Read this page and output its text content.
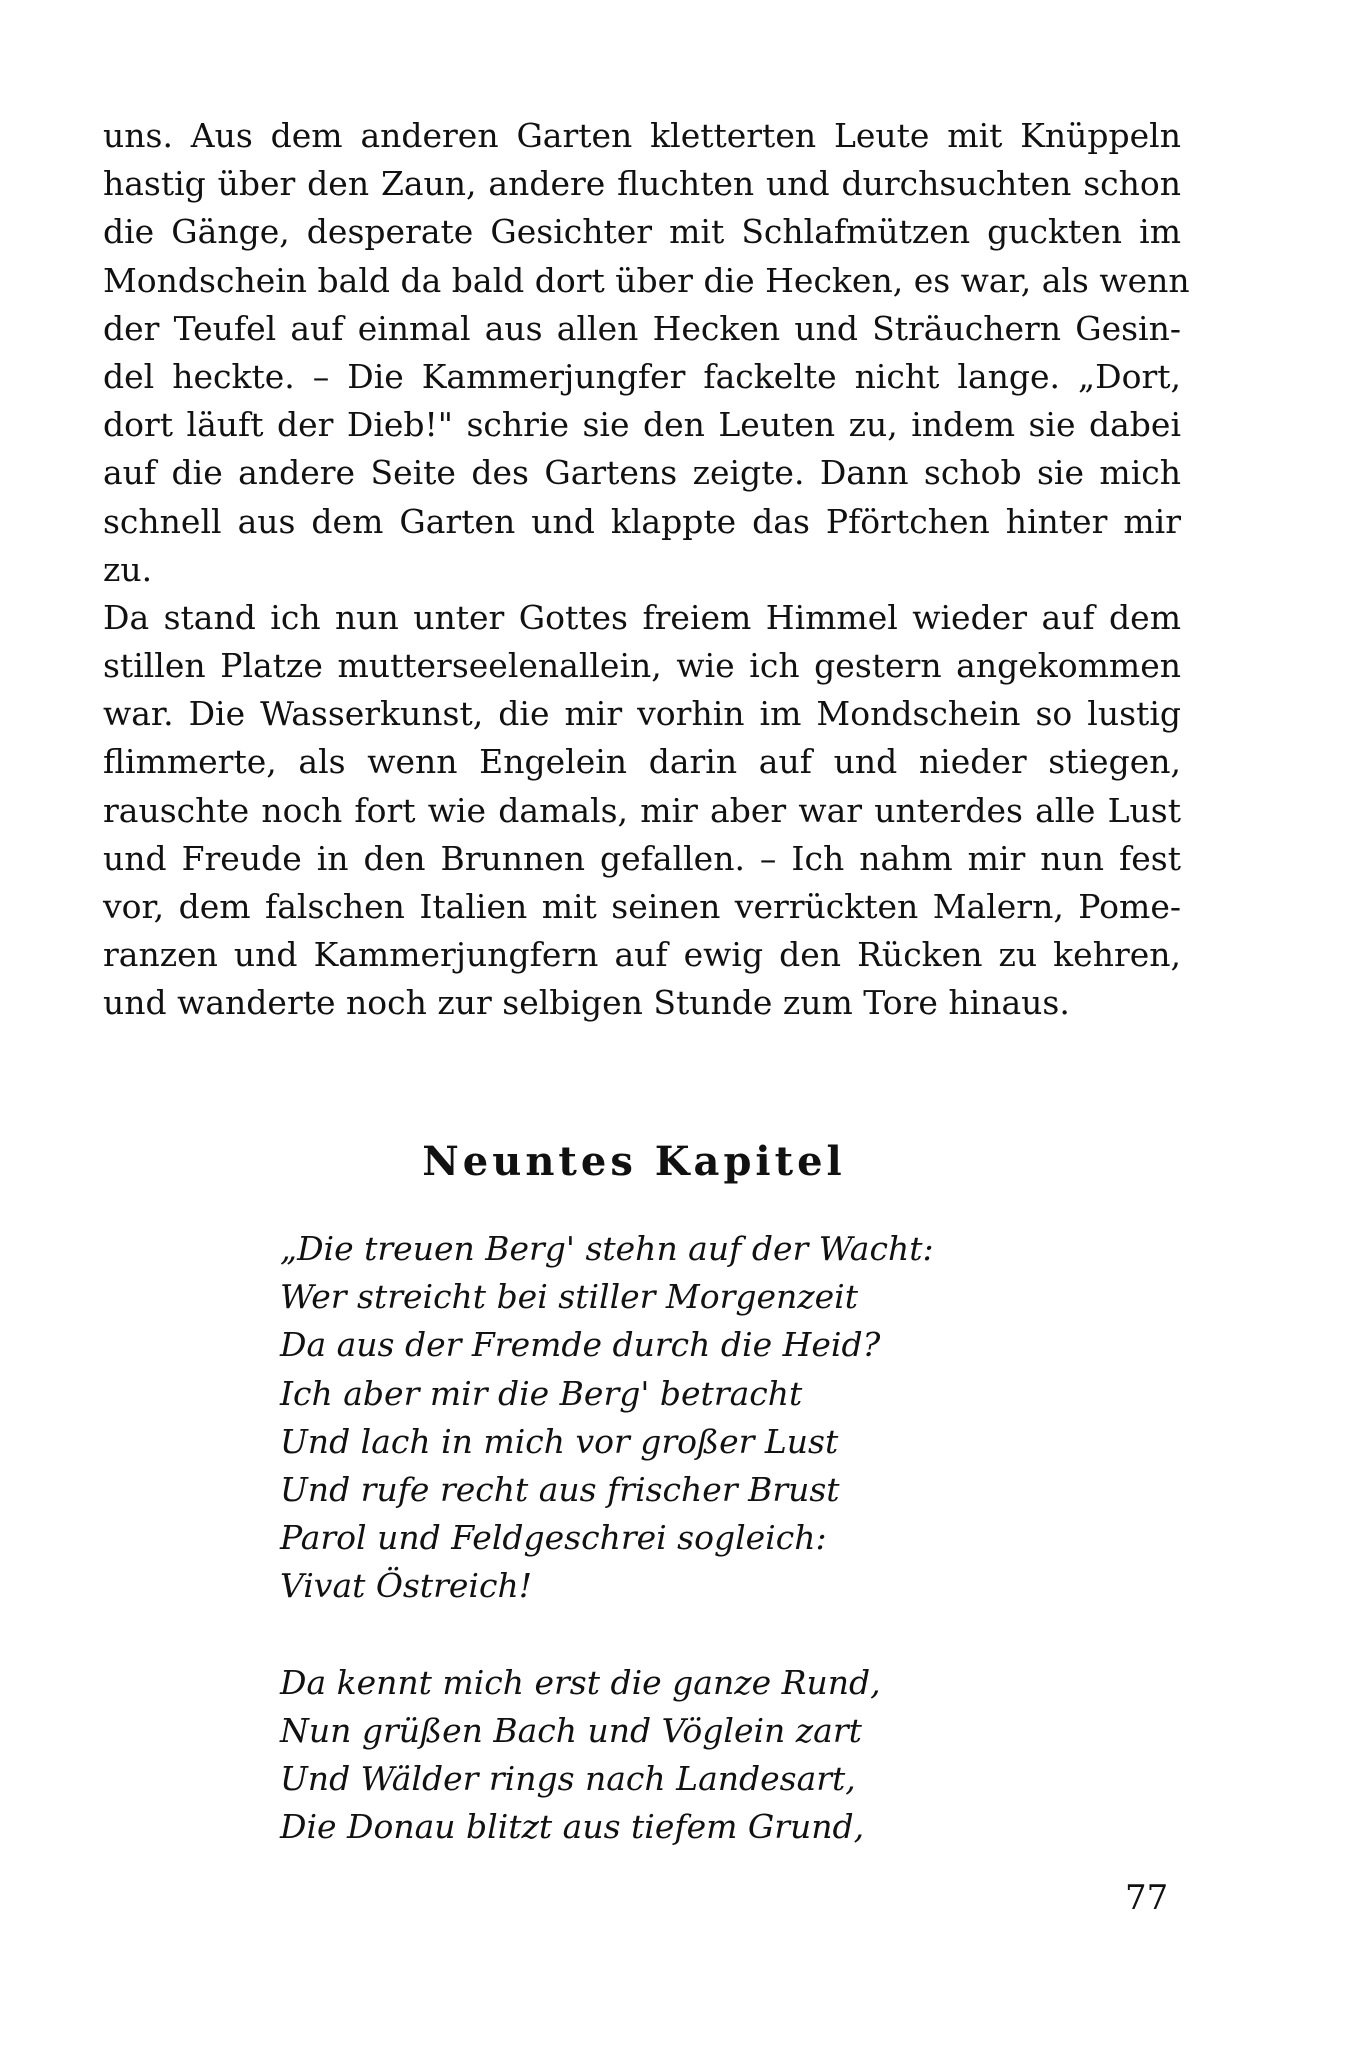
uns. Aus dem anderen Garten kletterten Leute mit Knüppeln
hastig über den Zaun, andere fluchten und durchsuchten schon
die Gänge, desperate Gesichter mit Schlafmützen guckten im
Mondschein bald da bald dort über die Hecken, es war, als wenn
der Teufel auf einmal aus allen Hecken und Sträuchern Gesin-
del heckte. – Die Kammerjungfer fackelte nicht lange. „Dort,
dort läuft der Dieb!" schrie sie den Leuten zu, indem sie dabei
auf die andere Seite des Gartens zeigte. Dann schob sie mich
schnell aus dem Garten und klappte das Pförtchen hinter mir
zu.
Da stand ich nun unter Gottes freiem Himmel wieder auf dem
stillen Platze mutterseelenallein, wie ich gestern angekommen
war. Die Wasserkunst, die mir vorhin im Mondschein so lustig
flimmerte, als wenn Engelein darin auf und nieder stiegen,
rauschte noch fort wie damals, mir aber war unterdes alle Lust
und Freude in den Brunnen gefallen. – Ich nahm mir nun fest
vor, dem falschen Italien mit seinen verrückten Malern, Pome-
ranzen und Kammerjungfern auf ewig den Rücken zu kehren,
und wanderte noch zur selbigen Stunde zum Tore hinaus.
Neuntes Kapitel
„Die treuen Berg' stehn auf der Wacht:
Wer streicht bei stiller Morgenzeit
Da aus der Fremde durch die Heid?
Ich aber mir die Berg' betracht
Und lach in mich vor großer Lust
Und rufe recht aus frischer Brust
Parol und Feldgeschrei sogleich:
Vivat Östreich!
Da kennt mich erst die ganze Rund,
Nun grüßen Bach und Vöglein zart
Und Wälder rings nach Landesart,
Die Donau blitzt aus tiefem Grund,
77
